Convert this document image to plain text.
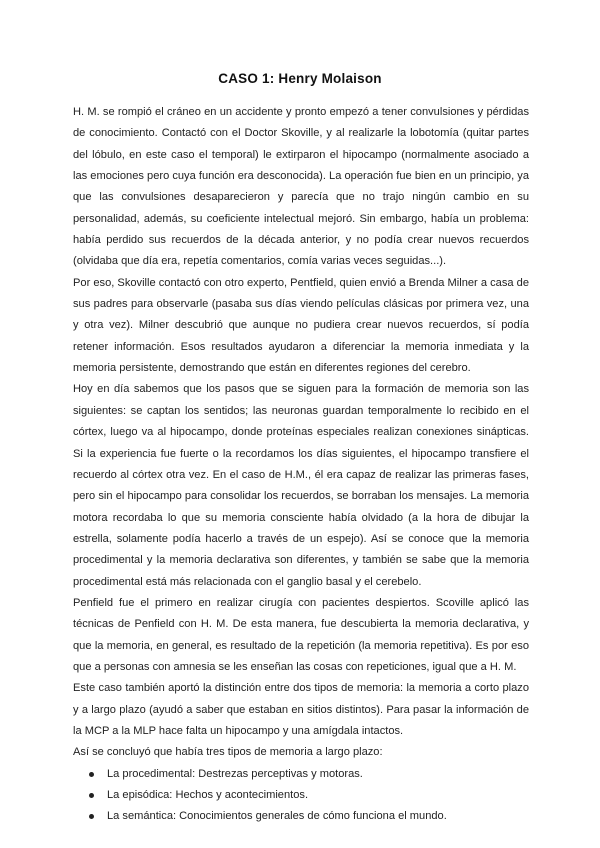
CASO 1: Henry Molaison

H. M. se rompió el cráneo en un accidente y pronto empezó a tener convulsiones y pérdidas de conocimiento. Contactó con el Doctor Skoville, y al realizarle la lobotomía (quitar partes del lóbulo, en este caso el temporal) le extirparon el hipocampo (normalmente asociado a las emociones pero cuya función era desconocida). La operación fue bien en un principio, ya que las convulsiones desaparecieron y parecía que no trajo ningún cambio en su personalidad, además, su coeficiente intelectual mejoró. Sin embargo, había un problema: había perdido sus recuerdos de la década anterior, y no podía crear nuevos recuerdos (olvidaba que día era, repetía comentarios, comía varias veces seguidas...).

Por eso, Skoville contactó con otro experto, Pentfield, quien envió a Brenda Milner a casa de sus padres para observarle (pasaba sus días viendo películas clásicas por primera vez, una y otra vez). Milner descubrió que aunque no pudiera crear nuevos recuerdos, sí podía retener información. Esos resultados ayudaron a diferenciar la memoria inmediata y la memoria persistente, demostrando que están en diferentes regiones del cerebro.

Hoy en día sabemos que los pasos que se siguen para la formación de memoria son las siguientes: se captan los sentidos; las neuronas guardan temporalmente lo recibido en el córtex, luego va al hipocampo, donde proteínas especiales realizan conexiones sinápticas. Si la experiencia fue fuerte o la recordamos los días siguientes, el hipocampo transfiere el recuerdo al córtex otra vez. En el caso de H.M., él era capaz de realizar las primeras fases, pero sin el hipocampo para consolidar los recuerdos, se borraban los mensajes. La memoria motora recordaba lo que su memoria consciente había olvidado (a la hora de dibujar la estrella, solamente podía hacerlo a través de un espejo). Así se conoce que la memoria procedimental y la memoria declarativa son diferentes, y también se sabe que la memoria procedimental está más relacionada con el ganglio basal y el cerebelo.

Penfield fue el primero en realizar cirugía con pacientes despiertos. Scoville aplicó las técnicas de Penfield con H. M. De esta manera, fue descubierta la memoria declarativa, y que la memoria, en general, es resultado de la repetición (la memoria repetitiva). Es por eso que a personas con amnesia se les enseñan las cosas con repeticiones, igual que a H. M.

Este caso también aportó la distinción entre dos tipos de memoria: la memoria a corto plazo y a largo plazo (ayudó a saber que estaban en sitios distintos). Para pasar la información de la MCP a la MLP hace falta un hipocampo y una amígdala intactos.

Así se concluyó que había tres tipos de memoria a largo plazo:

La procedimental: Destrezas perceptivas y motoras.
La episódica: Hechos y acontecimientos.
La semántica: Conocimientos generales de cómo funciona el mundo.
